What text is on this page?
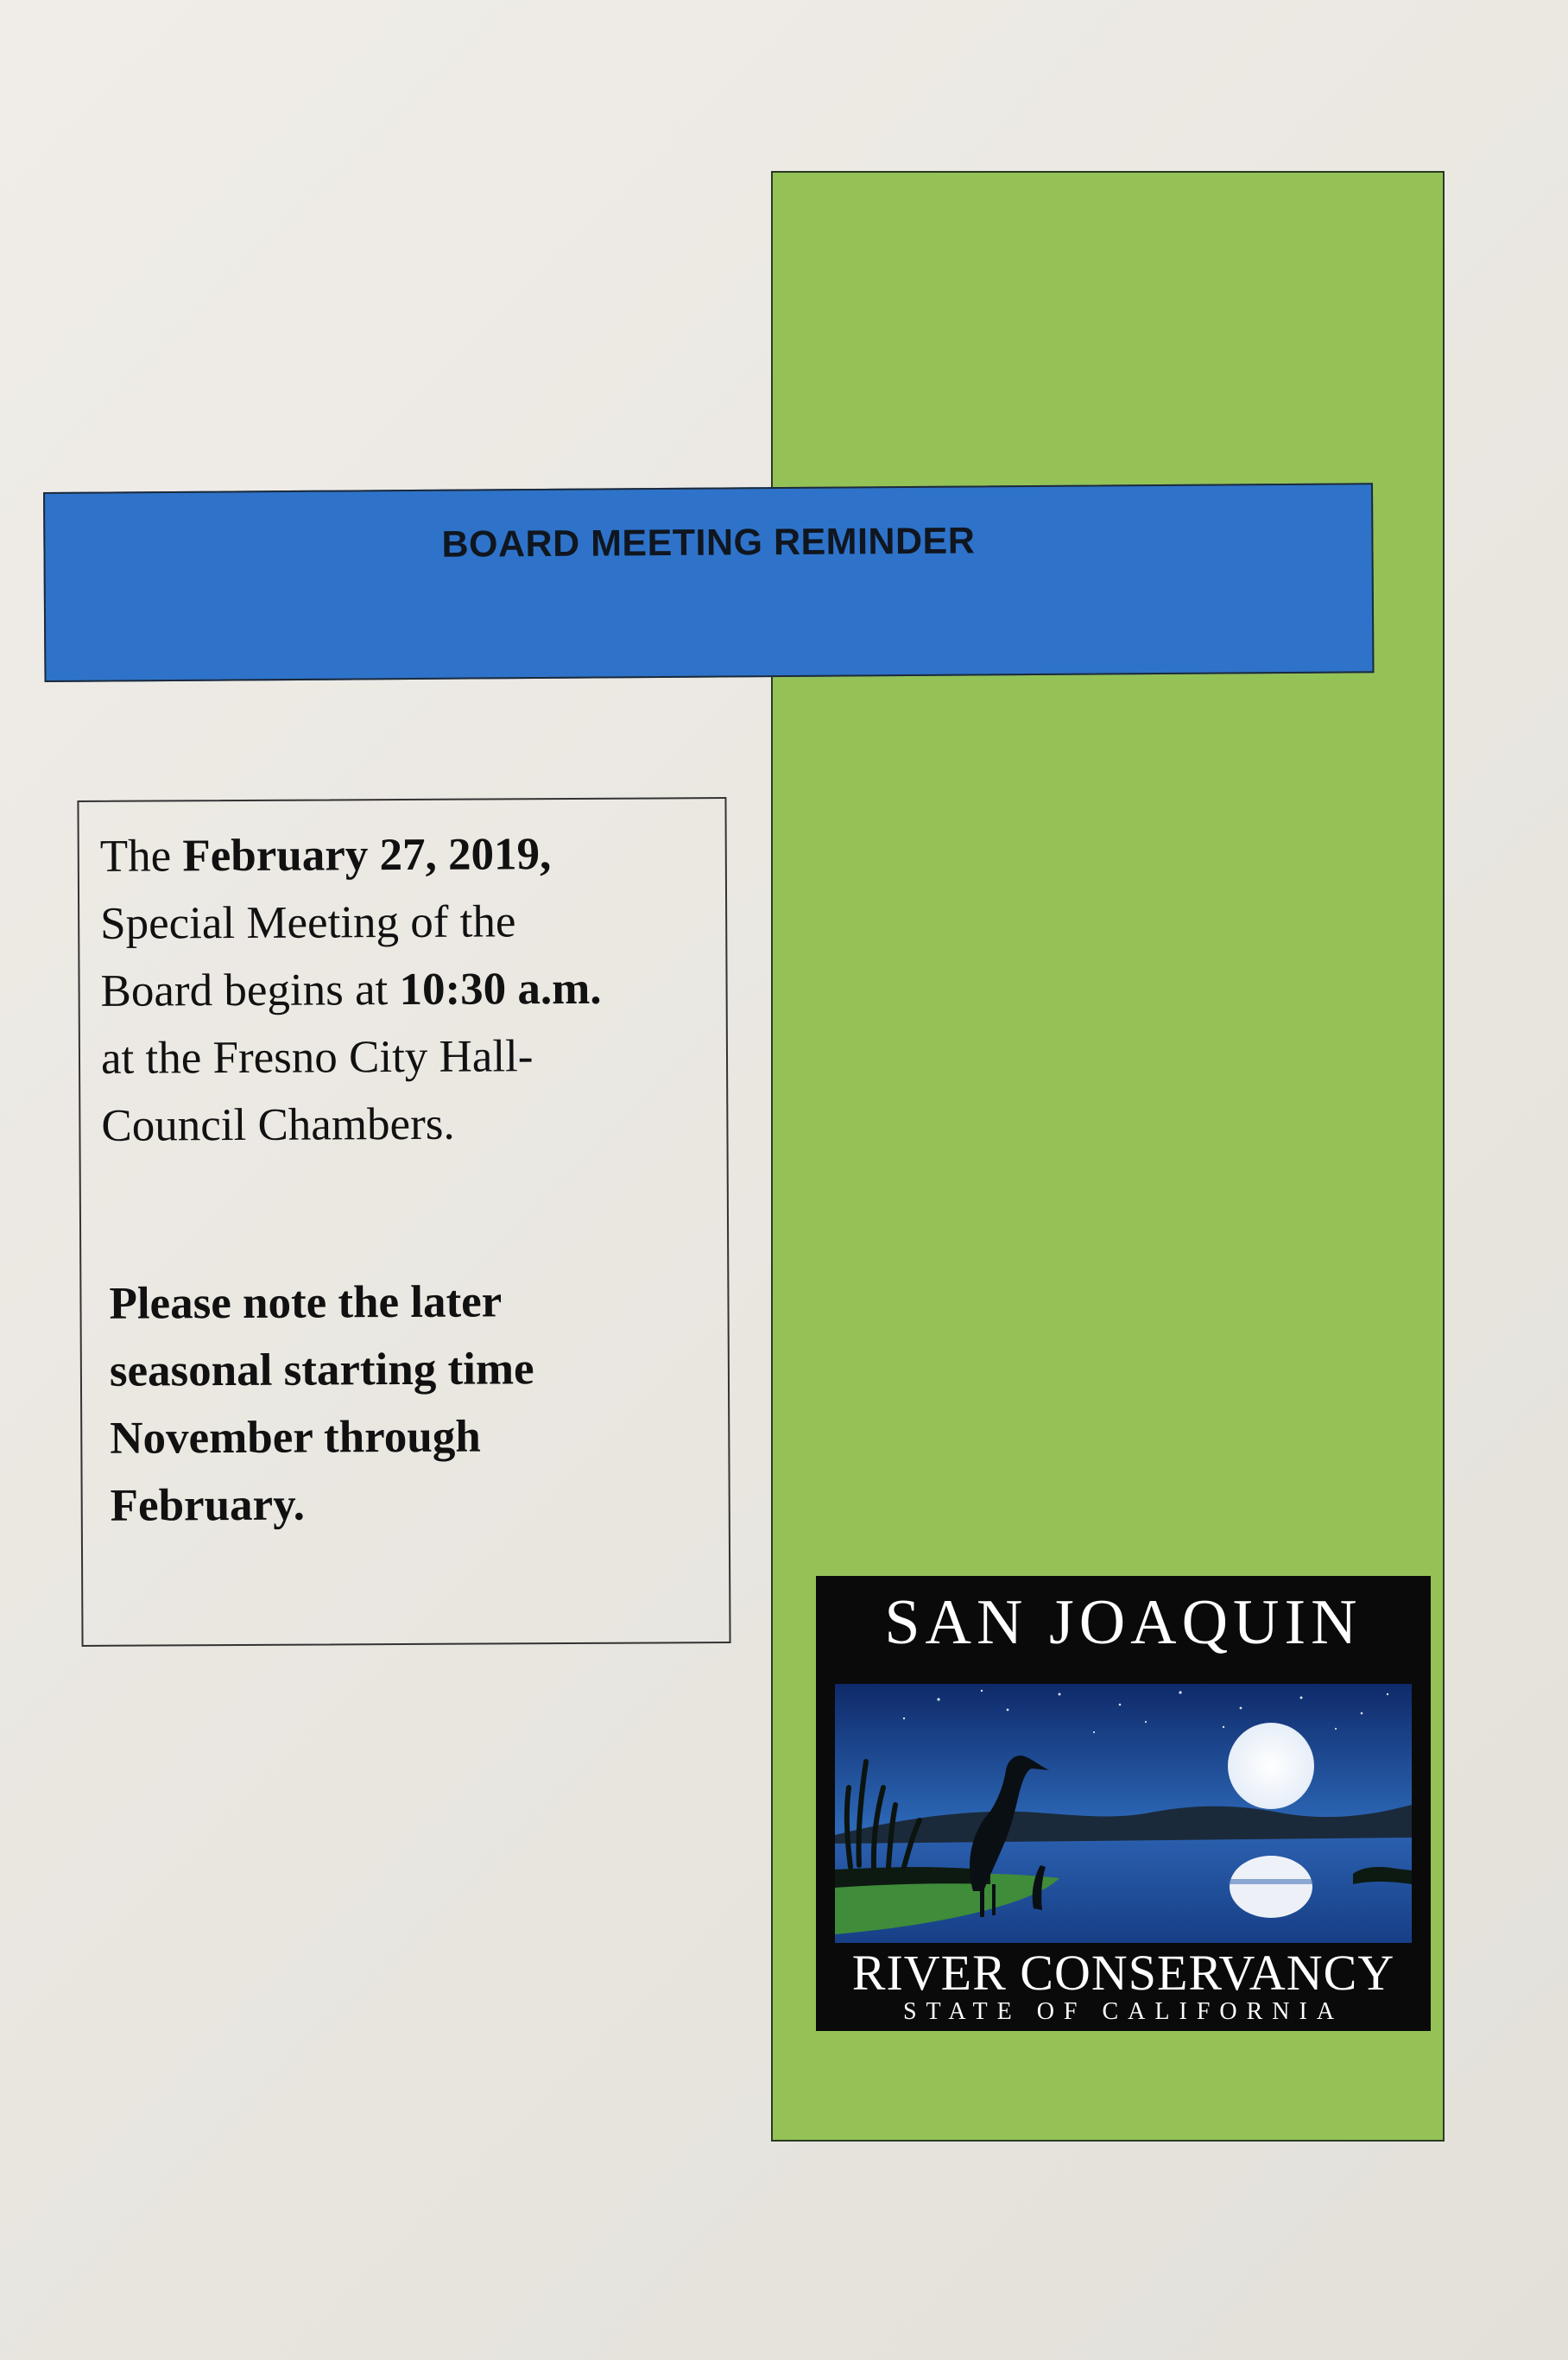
BOARD MEETING REMINDER
The February 27, 2019,
Special Meeting of the
Board begins at 10:30 a.m.
at the Fresno City Hall-
Council Chambers.
Please note the later
seasonal starting time
November through
February.
SAN JOAQUIN
RIVER CONSERVANCY
STATE OF CALIFORNIA
